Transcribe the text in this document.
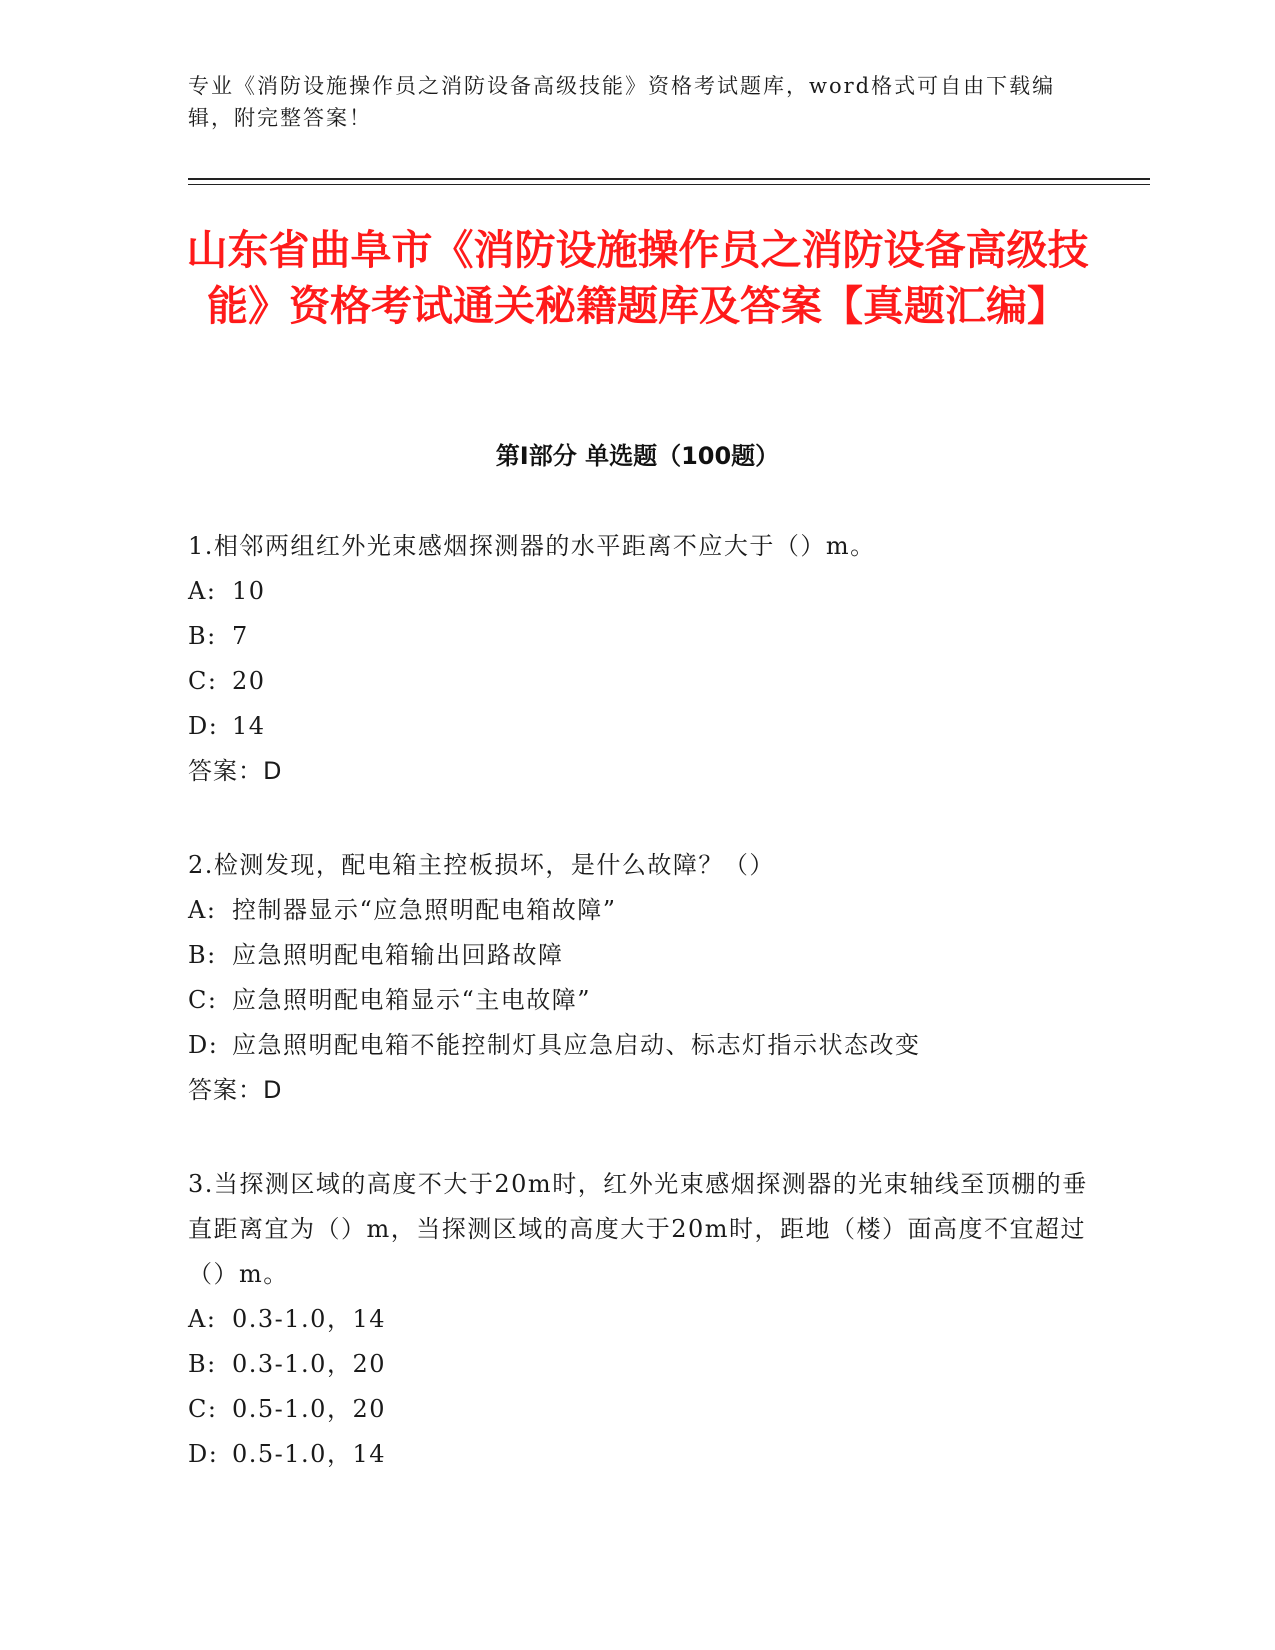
专业《消防设施操作员之消防设备高级技能》资格考试题库，word格式可自由下载编辑，附完整答案！
山东省曲阜市《消防设施操作员之消防设备高级技能》资格考试通关秘籍题库及答案【真题汇编】
第Ⅰ部分 单选题（100题）

1.相邻两组红外光束感烟探测器的水平距离不应大于（）m。

A: 10

B: 7

C: 20

D: 14

答案：D

2.检测发现，配电箱主控板损坏，是什么故障？（）

A: 控制器显示“应急照明配电箱故障”

B: 应急照明配电箱输出回路故障

C: 应急照明配电箱显示“主电故障”

D: 应急照明配电箱不能控制灯具应急启动、标志灯指示状态改变

答案：D

3.当探测区域的高度不大于20m时，红外光束感烟探测器的光束轴线至顶棚的垂直距离宜为（）m，当探测区域的高度大于20m时，距地（楼）面高度不宜超过（）m。

A: 0.3-1.0，14

B: 0.3-1.0，20

C: 0.5-1.0，20

D: 0.5-1.0，14
